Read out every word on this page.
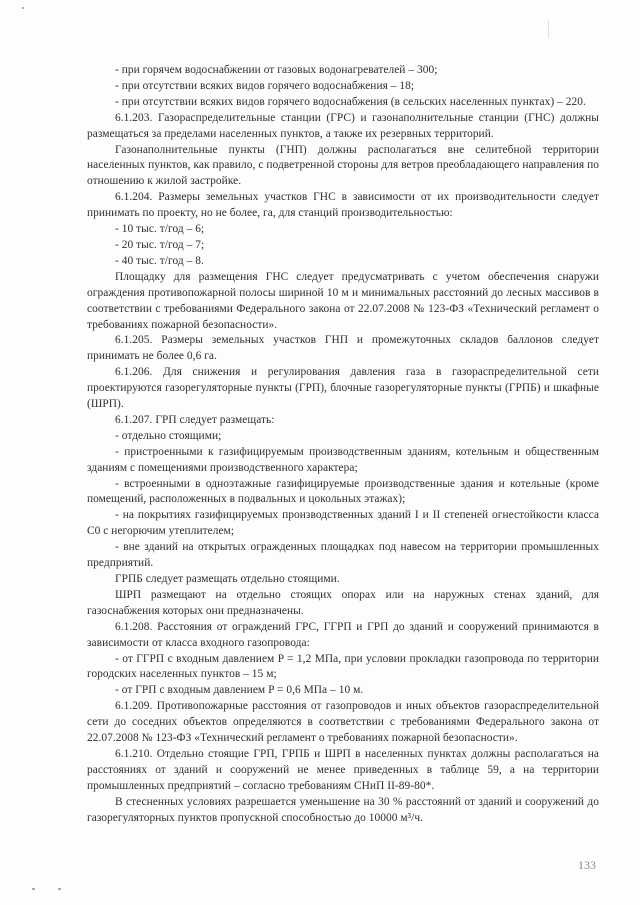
- при горячем водоснабжении от газовых водонагревателей – 300;

- при отсутствии всяких видов горячего водоснабжения – 18;

- при отсутствии всяких видов горячего водоснабжения (в сельских населенных пунктах) – 220.

6.1.203. Газораспределительные станции (ГРС) и газонаполнительные станции (ГНС) должны размещаться за пределами населенных пунктов, а также их резервных территорий.

Газонаполнительные пункты (ГНП) должны располагаться вне селитебной территории населенных пунктов, как правило, с подветренной стороны для ветров преобладающего направления по отношению к жилой застройке.

6.1.204. Размеры земельных участков ГНС в зависимости от их производительности следует принимать по проекту, но не более, га, для станций производительностью:

- 10 тыс. т/год – 6;

- 20 тыс. т/год – 7;

- 40 тыс. т/год – 8.

Площадку для размещения ГНС следует предусматривать с учетом обеспечения снаружи ограждения противопожарной полосы шириной 10 м и минимальных расстояний до лесных массивов в соответствии с требованиями Федерального закона от 22.07.2008 № 123-ФЗ «Технический регламент о требованиях пожарной безопасности».

6.1.205. Размеры земельных участков ГНП и промежуточных складов баллонов следует принимать не более 0,6 га.

6.1.206. Для снижения и регулирования давления газа в газораспределительной сети проектируются газорегуляторные пункты (ГРП), блочные газорегуляторные пункты (ГРПБ) и шкафные (ШРП).

6.1.207. ГРП следует размещать:

- отдельно стоящими;

- пристроенными к газифицируемым производственным зданиям, котельным и общественным зданиям с помещениями производственного характера;

- встроенными в одноэтажные газифицируемые производственные здания и котельные (кроме помещений, расположенных в подвальных и цокольных этажах);

- на покрытиях газифицируемых производственных зданий I и II степеней огнестойкости класса С0 с негорючим утеплителем;

- вне зданий на открытых огражденных площадках под навесом на территории промышленных предприятий.

ГРПБ следует размещать отдельно стоящими.

ШРП размещают на отдельно стоящих опорах или на наружных стенах зданий, для газоснабжения которых они предназначены.

6.1.208. Расстояния от ограждений ГРС, ГГРП и ГРП до зданий и сооружений принимаются в зависимости от класса входного газопровода:

- от ГГРП с входным давлением P = 1,2 МПа, при условии прокладки газопровода по территории городских населенных пунктов – 15 м;

- от ГРП с входным давлением P = 0,6 МПа – 10 м.

6.1.209. Противопожарные расстояния от газопроводов и иных объектов газораспределительной сети до соседних объектов определяются в соответствии с требованиями Федерального закона от 22.07.2008 № 123-ФЗ «Технический регламент о требованиях пожарной безопасности».

6.1.210. Отдельно стоящие ГРП, ГРПБ и ШРП в населенных пунктах должны располагаться на расстояниях от зданий и сооружений не менее приведенных в таблице 59, а на территории промышленных предприятий – согласно требованиям СНиП II-89-80*.

В стесненных условиях разрешается уменьшение на 30 % расстояний от зданий и сооружений до газорегуляторных пунктов пропускной способностью до 10000 м³/ч.

133
